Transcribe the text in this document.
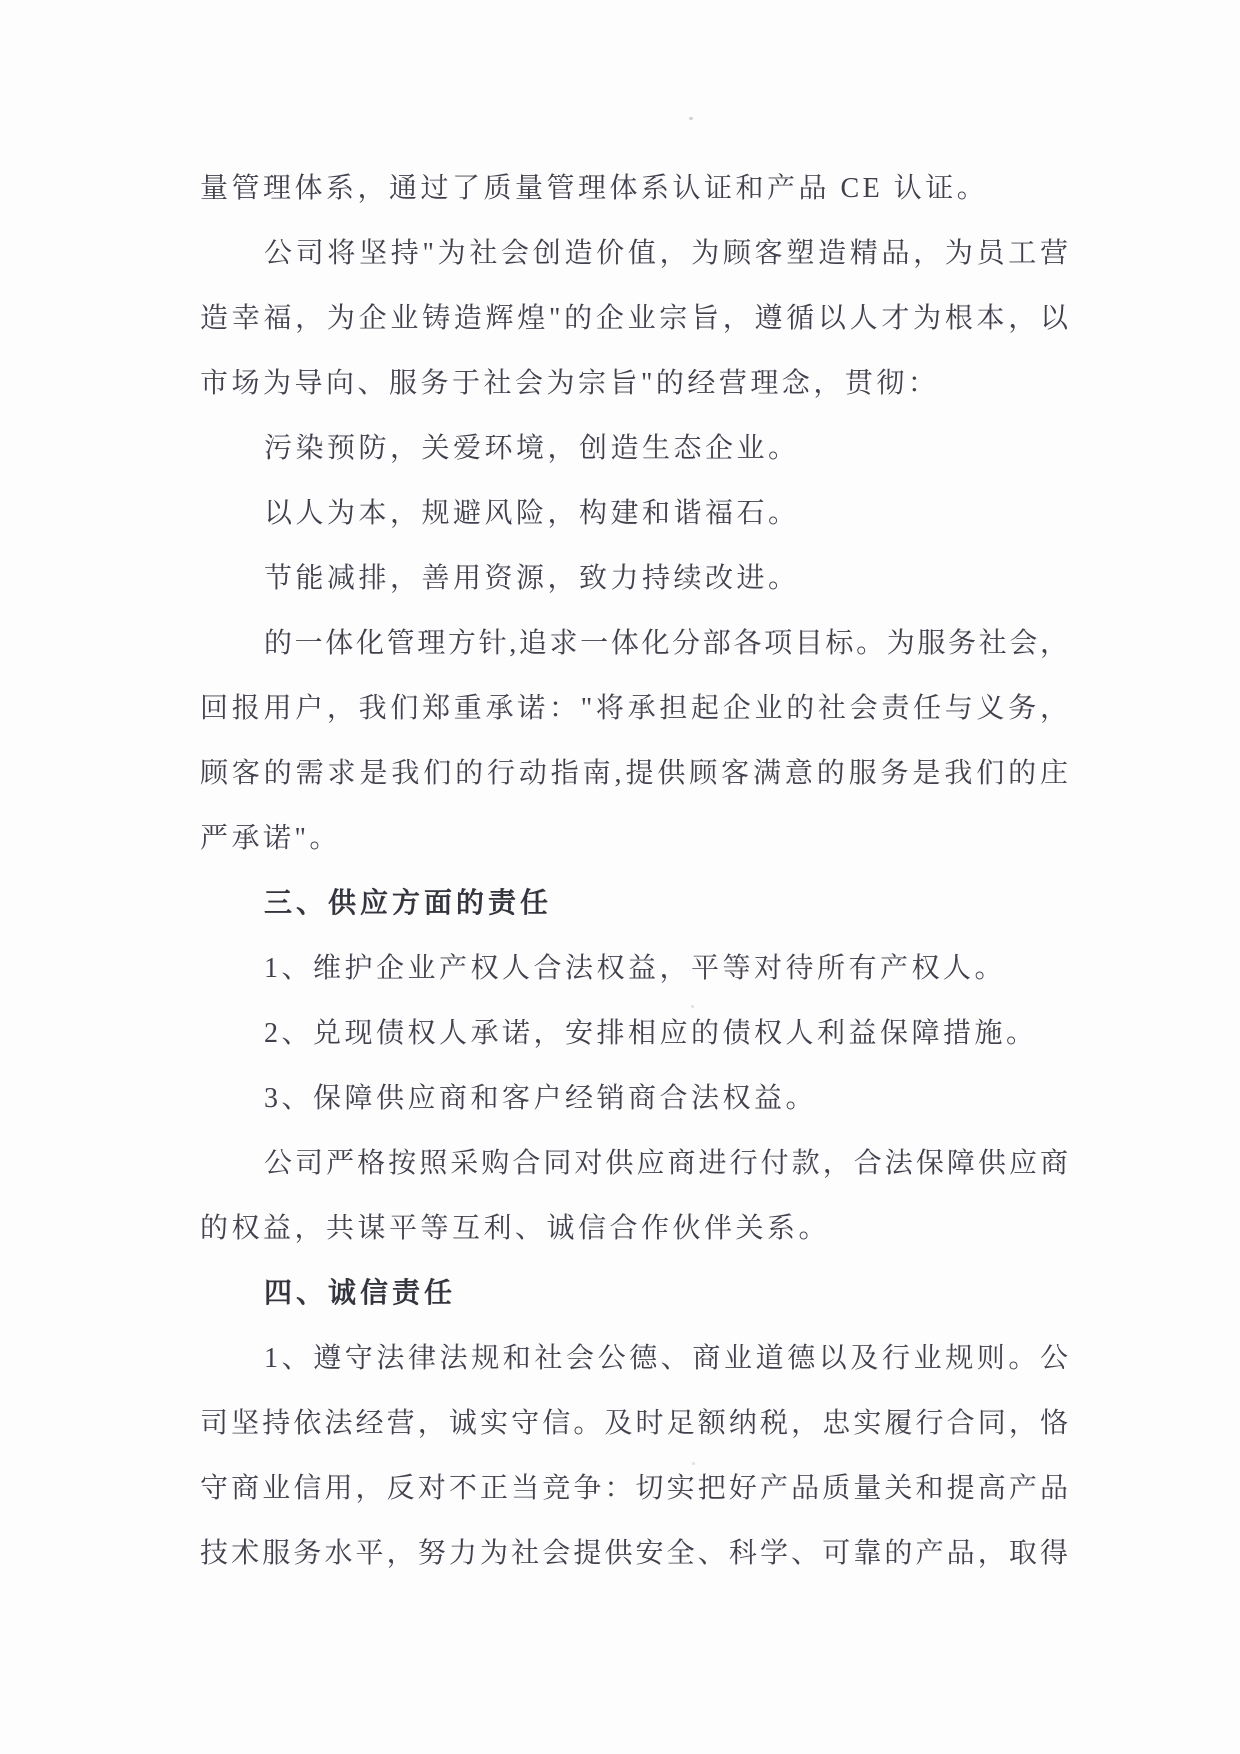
量管理体系，通过了质量管理体系认证和产品 CE 认证。
公司将坚持"为社会创造价值，为顾客塑造精品，为员工营
造幸福，为企业铸造辉煌"的企业宗旨，遵循以人才为根本，以
市场为导向、服务于社会为宗旨"的经营理念，贯彻：
污染预防，关爱环境，创造生态企业。
以人为本，规避风险，构建和谐福石。
节能减排，善用资源，致力持续改进。
的一体化管理方针,追求一体化分部各项目标。为服务社会，
回报用户，我们郑重承诺："将承担起企业的社会责任与义务，
顾客的需求是我们的行动指南,提供顾客满意的服务是我们的庄
严承诺"。
三、供应方面的责任
1、维护企业产权人合法权益，平等对待所有产权人。
2、兑现债权人承诺，安排相应的债权人利益保障措施。
3、保障供应商和客户经销商合法权益。
公司严格按照采购合同对供应商进行付款，合法保障供应商
的权益，共谋平等互利、诚信合作伙伴关系。
四、诚信责任
1、遵守法律法规和社会公德、商业道德以及行业规则。公
司坚持依法经营，诚实守信。及时足额纳税，忠实履行合同，恪
守商业信用，反对不正当竞争：切实把好产品质量关和提高产品
技术服务水平，努力为社会提供安全、科学、可靠的产品，取得
